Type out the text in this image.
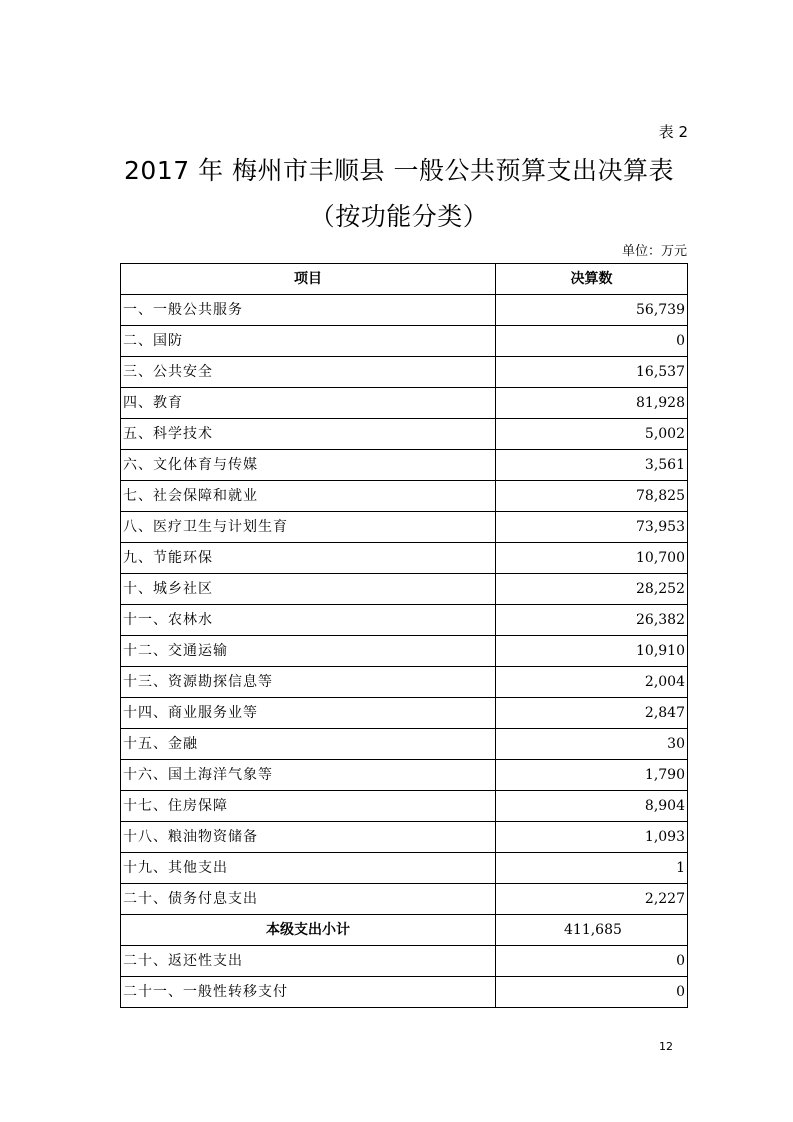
表 2
2017 年 梅州市丰顺县 一般公共预算支出决算表（按功能分类）
单位：万元
项目	决算数
一、一般公共服务	56,739
二、国防	0
三、公共安全	16,537
四、教育	81,928
五、科学技术	5,002
六、文化体育与传媒	3,561
七、社会保障和就业	78,825
八、医疗卫生与计划生育	73,953
九、节能环保	10,700
十、城乡社区	28,252
十一、农林水	26,382
十二、交通运输	10,910
十三、资源勘探信息等	2,004
十四、商业服务业等	2,847
十五、金融	30
十六、国土海洋气象等	1,790
十七、住房保障	8,904
十八、粮油物资储备	1,093
十九、其他支出	1
二十、债务付息支出	2,227
本级支出小计	411,685
二十、返还性支出	0
二十一、一般性转移支付	0
12
